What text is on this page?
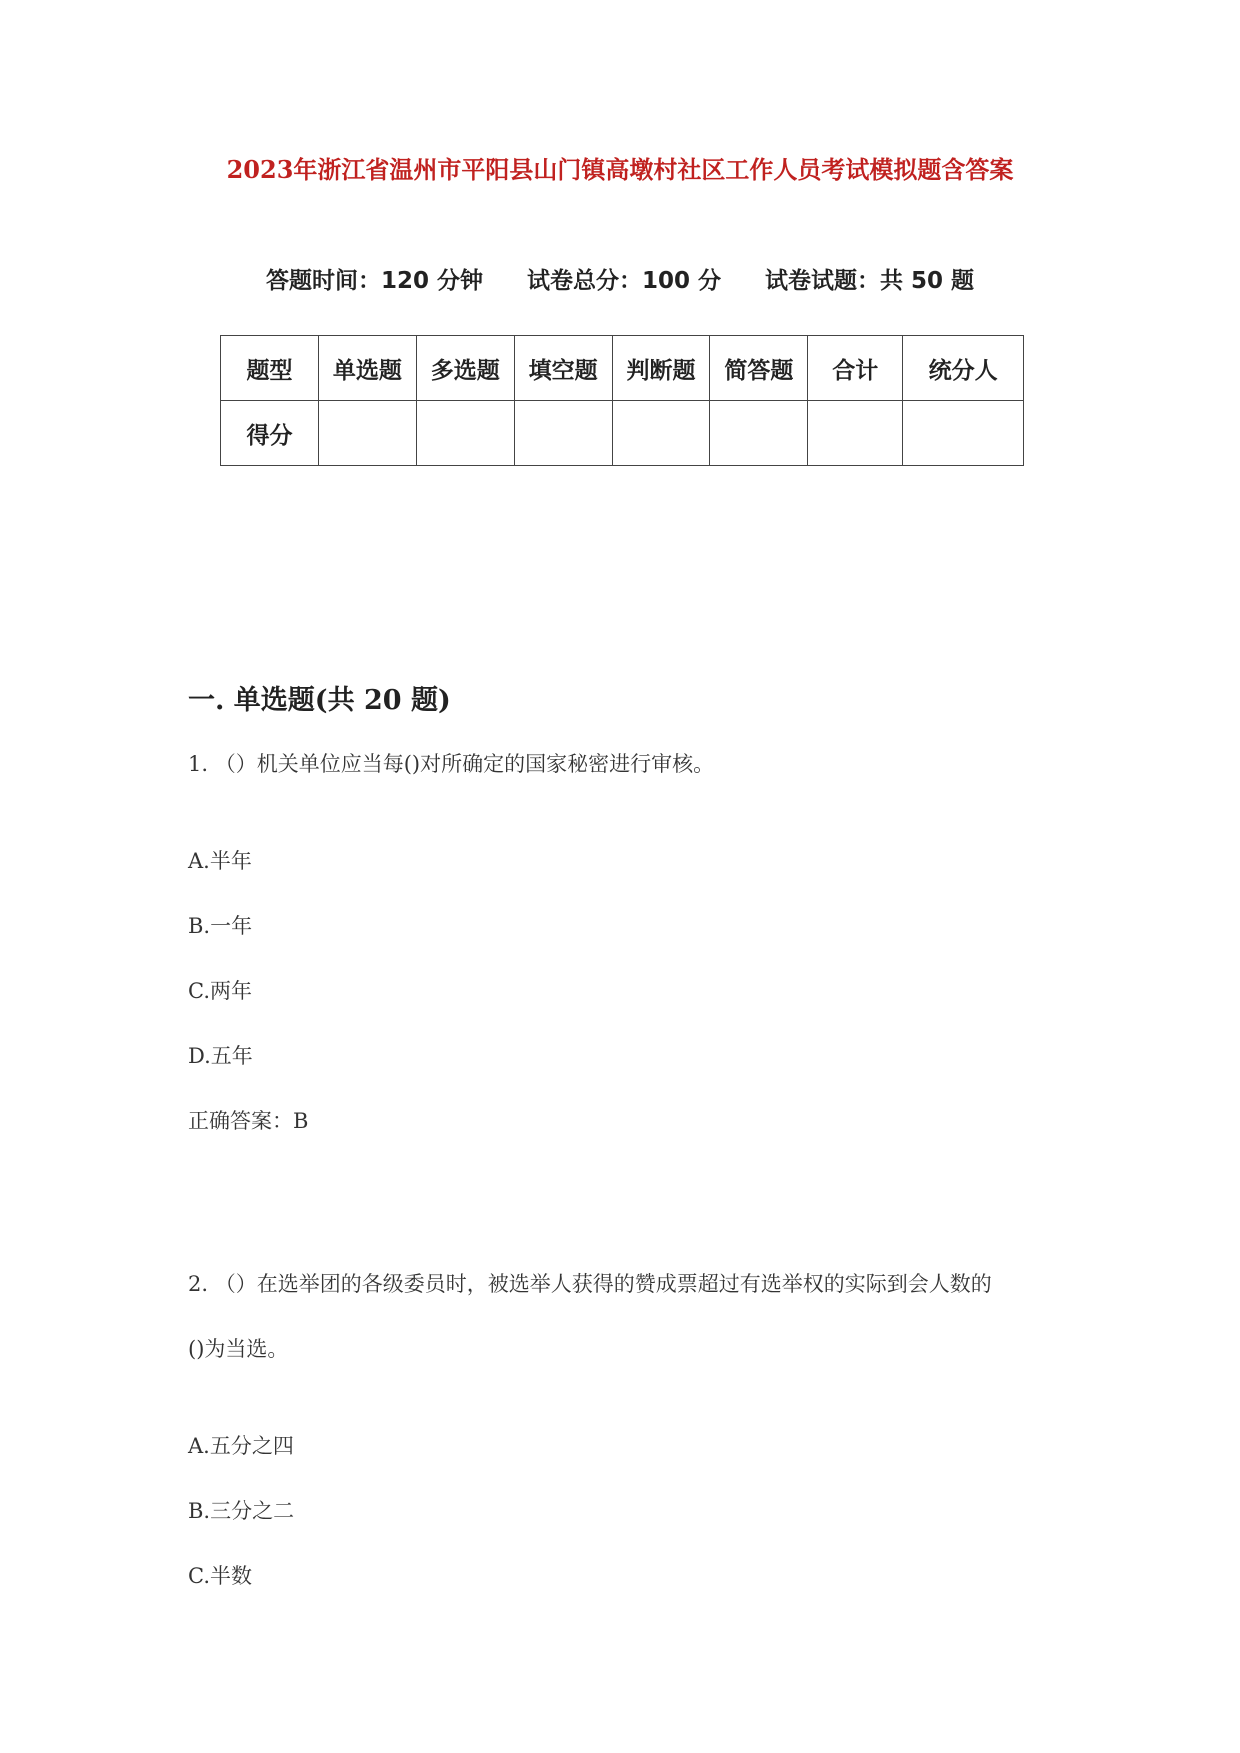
2023年浙江省温州市平阳县山门镇高墩村社区工作人员考试模拟题含答案
答题时间：120 分钟 试卷总分：100 分 试卷试题：共 50 题
题型	单选题	多选题	填空题	判断题	简答题	合计	统分人
得分							
一. 单选题(共 20 题)
1. （）机关单位应当每()对所确定的国家秘密进行审核。
A.半年
B.一年
C.两年
D.五年
正确答案：B
2. （）在选举团的各级委员时，被选举人获得的赞成票超过有选举权的实际到会人数的
()为当选。
A.五分之四
B.三分之二
C.半数
